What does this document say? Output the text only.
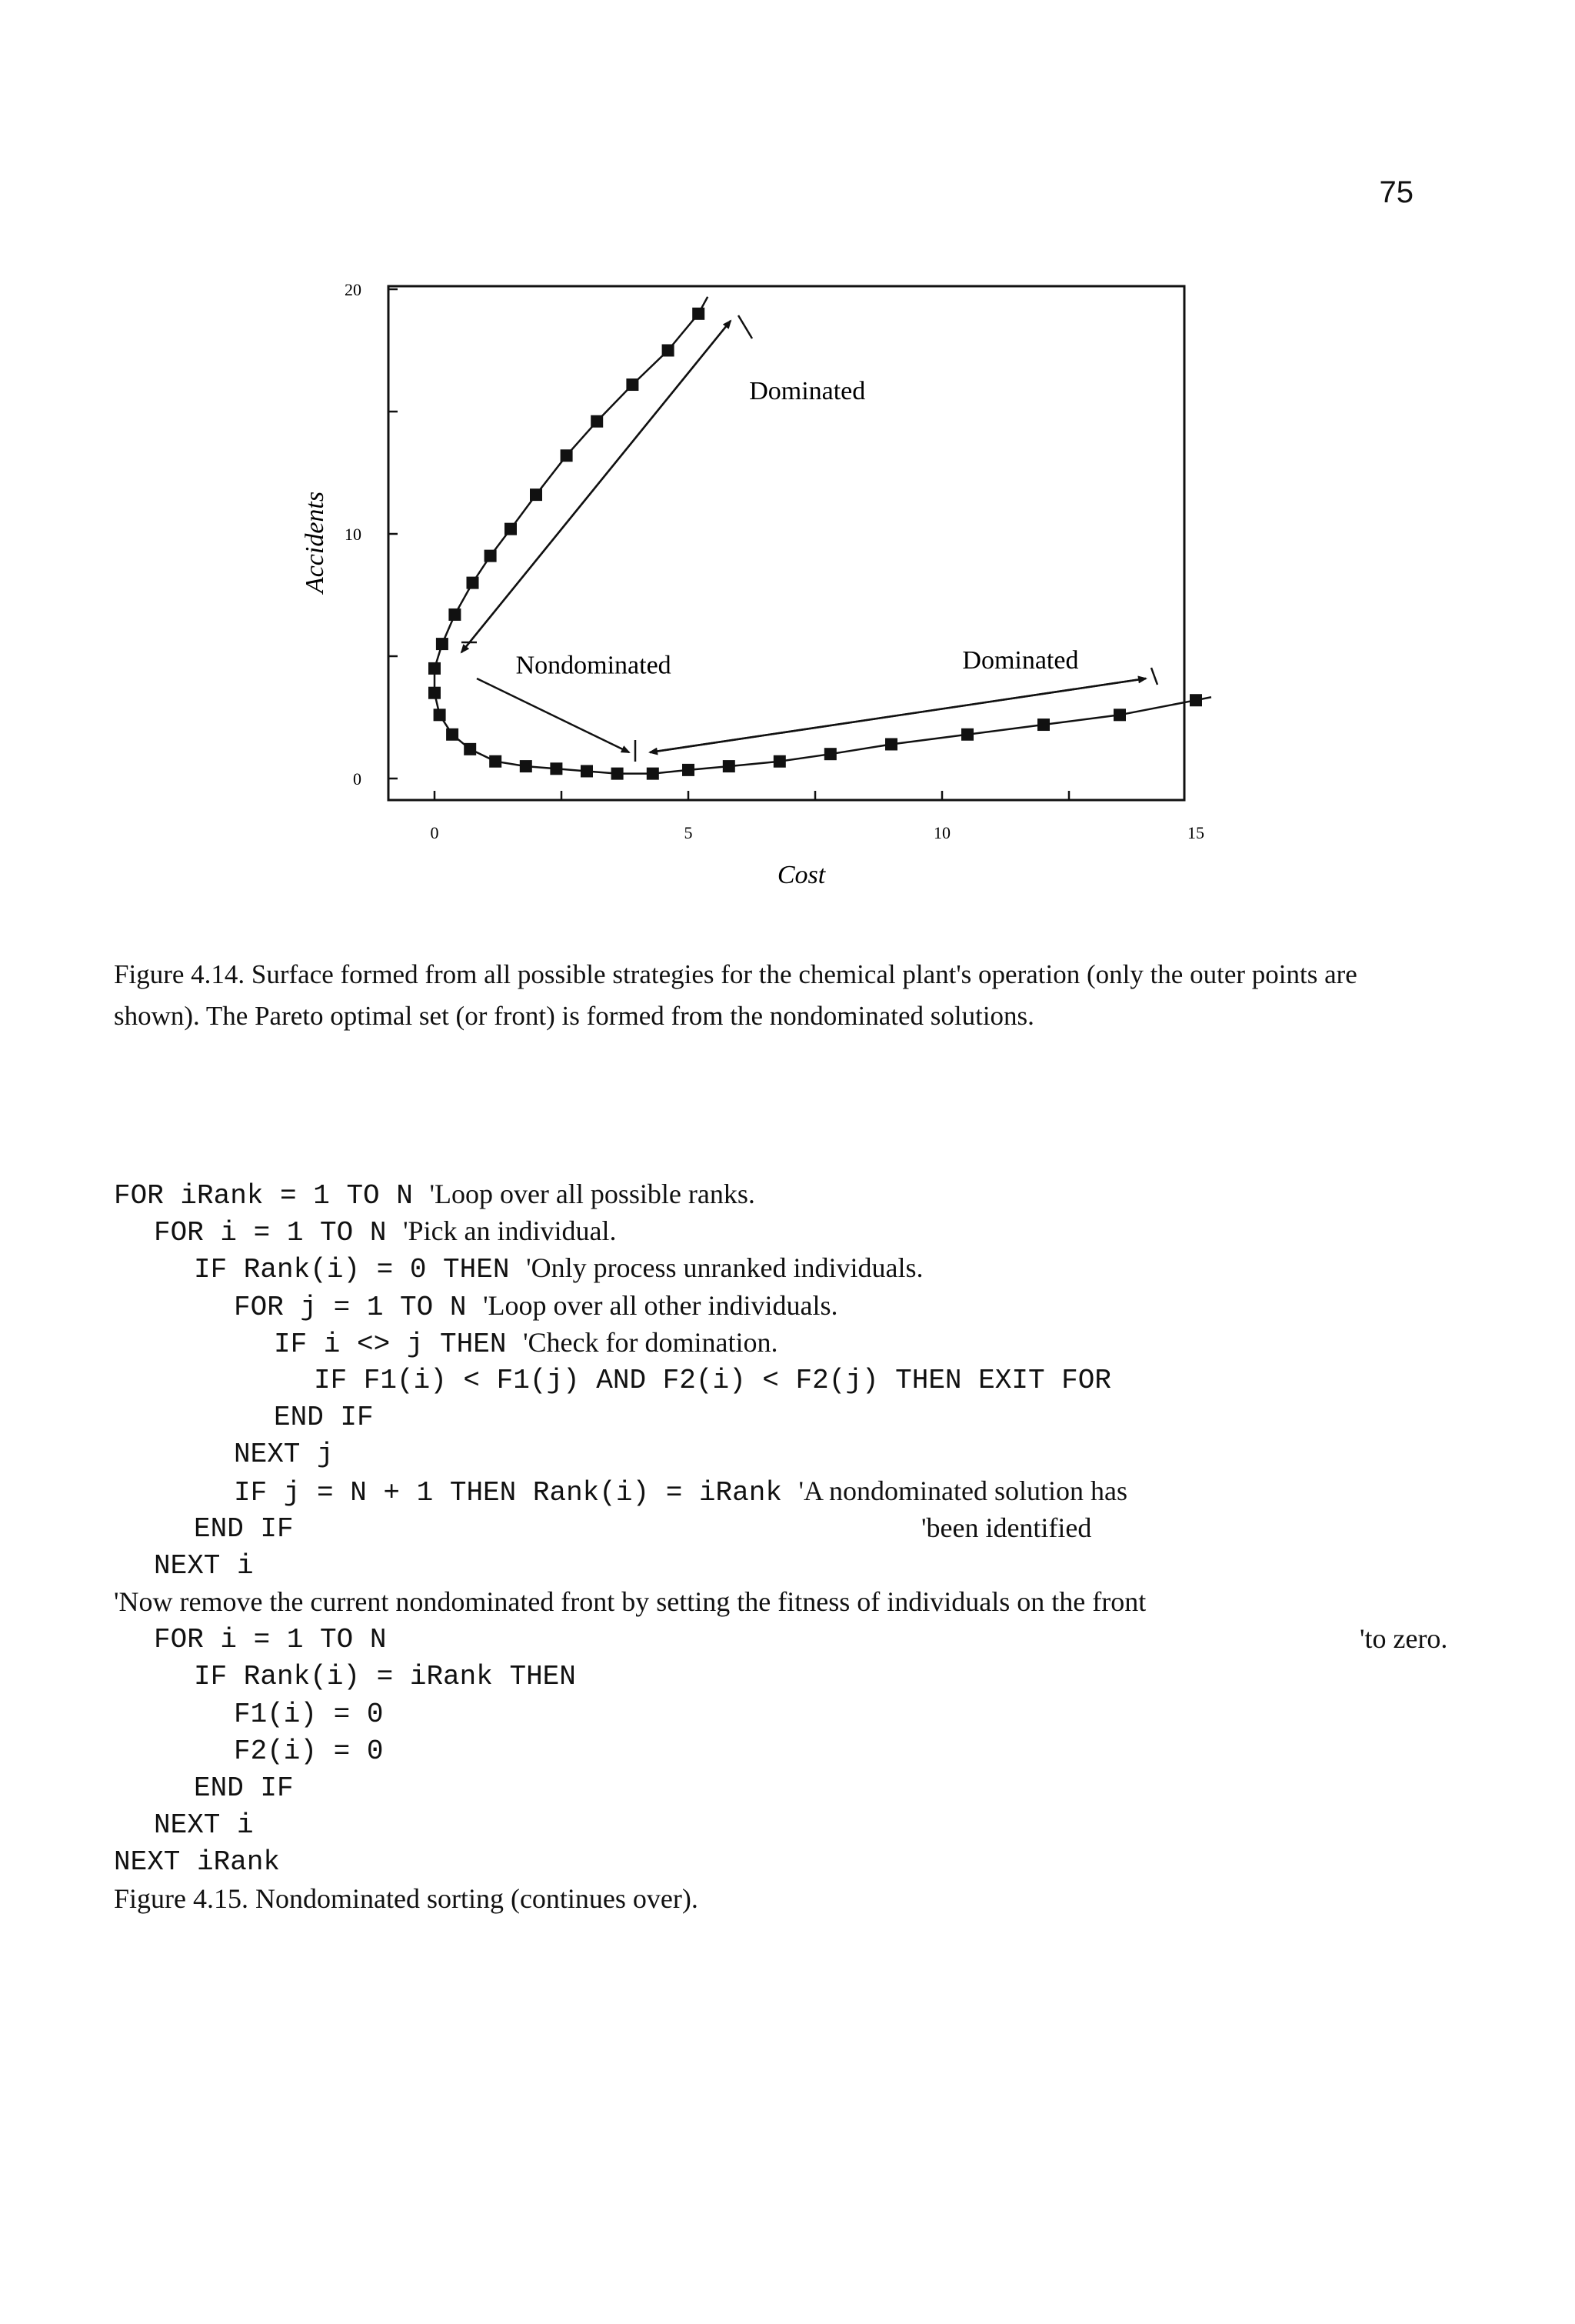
75
0	5	10	15
0
10
20
Cost
Accidents
Dominated
Nondominated	Dominated

Figure 4.14. Surface formed from all possible strategies for the chemical plant's operation (only the outer points are shown). The Pareto optimal set (or front) is formed from the nondominated solutions.

FOR iRank = 1 TO N 'Loop over all possible ranks.
FOR i = 1 TO N 'Pick an individual.
IF Rank(i) = 0 THEN 'Only process unranked individuals.
FOR j = 1 TO N 'Loop over all other individuals.
IF i <> j THEN 'Check for domination.
IF F1(i) < F1(j) AND F2(i) < F2(j) THEN EXIT FOR
END IF
NEXT j
IF j = N + 1 THEN Rank(i) = iRank 'A nondominated solution has
END IF	'been identified
NEXT i
'Now remove the current nondominated front by setting the fitness of individuals on the front
FOR i = 1 TO N	'to zero.
IF Rank(i) = iRank THEN
F1(i) = 0
F2(i) = 0
END IF
NEXT i
NEXT iRank
Figure 4.15. Nondominated sorting (continues over).
